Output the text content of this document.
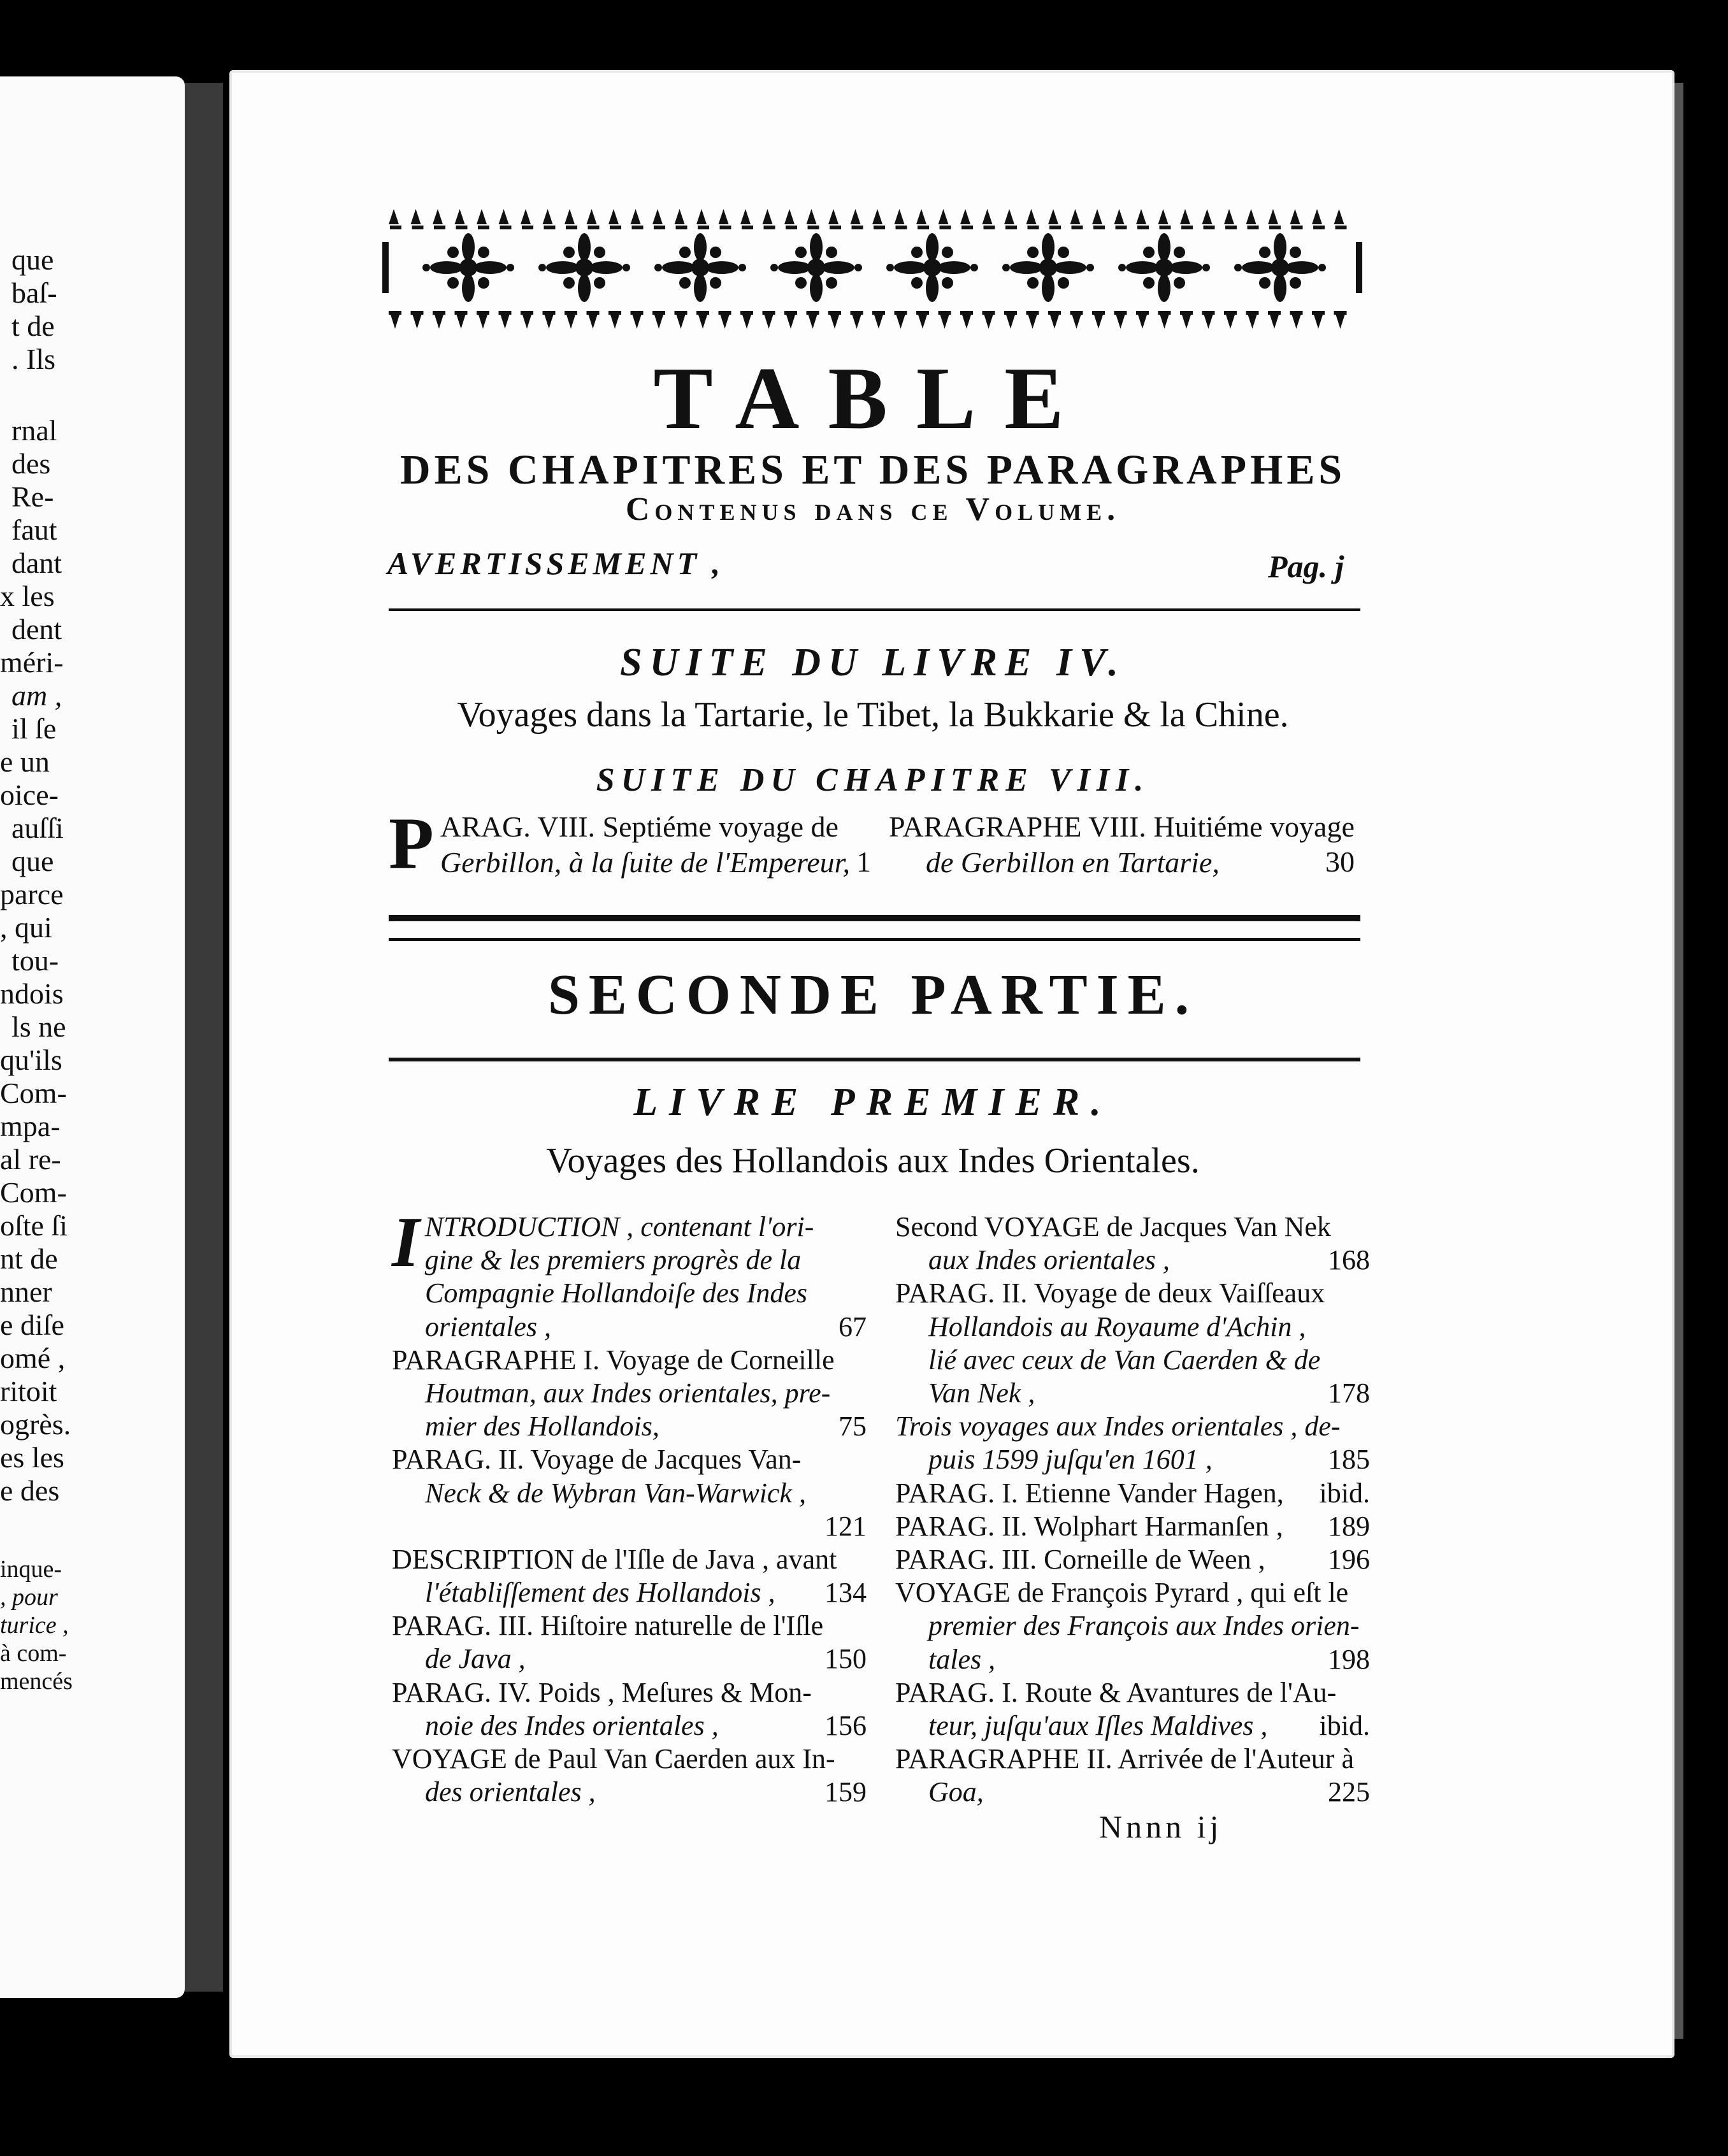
que
baſ-
t de
. Ils
rnal
des
Re-
faut
dant
x les
dent
méri-
am ,
il ſe
e un
oice-
auſſi
que
parce
, qui
tou-
ndois
ls ne
qu'ils
Com-
mpa-
al re-
Com-
oſte ſi
nt de
nner
e diſe
omé ,
ritoit
ogrès.
es les
e des
inque-
, pour
turice ,
à com-
mencés
TABLE
DES CHAPITRES ET DES PARAGRAPHES
Contenus dans ce Volume.
AVERTISSEMENT ,	Pag. j
SUITE DU LIVRE IV.
Voyages dans la Tartarie, le Tibet, la Bukkarie & la Chine.
SUITE DU CHAPITRE VIII.
P ARAG. VIII. Septiéme voyage de
Gerbillon, à la ſuite de l'Empereur, 1
PARAGRAPHE VIII. Huitiéme voyage
de Gerbillon en Tartarie,	30
SECONDE PARTIE.
LIVRE PREMIER.
Voyages des Hollandois aux Indes Orientales.
I NTRODUCTION , contenant l'ori-
gine & les premiers progrès de la
Compagnie Hollandoiſe des Indes
orientales ,	67
PARAGRAPHE I. Voyage de Corneille
Houtman, aux Indes orientales, pre-
mier des Hollandois,	75
PARAG. II. Voyage de Jacques Van-
Neck & de Wybran Van-Warwick ,
121
DESCRIPTION de l'Iſle de Java , avant
l'établiſſement des Hollandois ,	134
PARAG. III. Hiſtoire naturelle de l'Iſle
de Java ,	150
PARAG. IV. Poids , Meſures & Mon-
noie des Indes orientales ,	156
VOYAGE de Paul Van Caerden aux In-
des orientales ,	159
Second VOYAGE de Jacques Van Nek
aux Indes orientales ,	168
PARAG. II. Voyage de deux Vaiſſeaux
Hollandois au Royaume d'Achin ,
lié avec ceux de Van Caerden & de
Van Nek ,	178
Trois voyages aux Indes orientales , de-
puis 1599 juſqu'en 1601 ,	185
PARAG. I. Etienne Vander Hagen,	ibid.
PARAG. II. Wolphart Harmanſen ,	189
PARAG. III. Corneille de Ween ,	196
VOYAGE de François Pyrard , qui eſt le
premier des François aux Indes orien-
tales ,	198
PARAG. I. Route & Avantures de l'Au-
teur, juſqu'aux Iſles Maldives ,	ibid.
PARAGRAPHE II. Arrivée de l'Auteur à
Goa,	225
Nnnn ij
